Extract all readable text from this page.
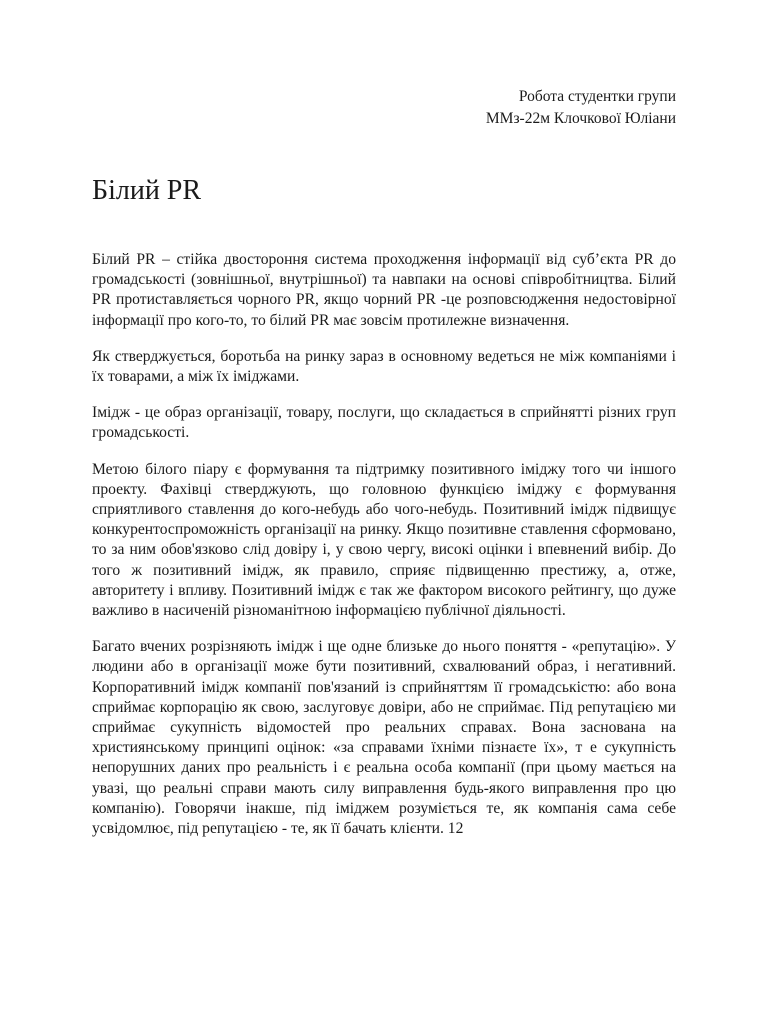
Робота студентки групи
ММз-22м Клочкової Юліани
Білий PR

Білий PR – стійка двостороння система проходження інформації від суб’єкта PR до громадськості (зовнішньої, внутрішньої) та навпаки на основі співробітництва. Білий PR протиставляється чорного PR, якщо чорний PR -це розповсюдження недостовірної інформації про кого-то, то білий PR має зовсім протилежне визначення.

Як стверджується, боротьба на ринку зараз в основному ведеться не між компаніями і їх товарами, а між їх іміджами.

Імідж - це образ організації, товару, послуги, що складається в сприйнятті різних груп громадськості.

Метою білого піару є формування та підтримку позитивного іміджу того чи іншого проекту. Фахівці стверджують, що головною функцією іміджу є формування сприятливого ставлення до кого-небудь або чого-небудь. Позитивний імідж підвищує конкурентоспроможність організації на ринку. Якщо позитивне ставлення сформовано, то за ним обов'язково слід довіру і, у свою чергу, високі оцінки і впевнений вибір. До того ж позитивний імідж, як правило, сприяє підвищенню престижу, а, отже, авторитету і впливу. Позитивний імідж є так же фактором високого рейтингу, що дуже важливо в насиченій різноманітною інформацією публічної діяльності.

Багато вчених розрізняють імідж і ще одне близьке до нього поняття - «репутацію». У людини або в організації може бути позитивний, схвалюваний образ, і негативний. Корпоративний імідж компанії пов'язаний із сприйняттям її громадськістю: або вона сприймає корпорацію як свою, заслуговує довіри, або не сприймає. Під репутацією ми сприймає сукупність відомостей про реальних справах. Вона заснована на християнському принципі оцінок: «за справами їхніми пізнаєте їх», т е сукупність непорушних даних про реальність і є реальна особа компанії (при цьому мається на увазі, що реальні справи мають силу виправлення будь-якого виправлення про цю компанію). Говорячи інакше, під іміджем розуміється те, як компанія сама себе усвідомлює, під репутацією - те, як її бачать клієнти. 12
